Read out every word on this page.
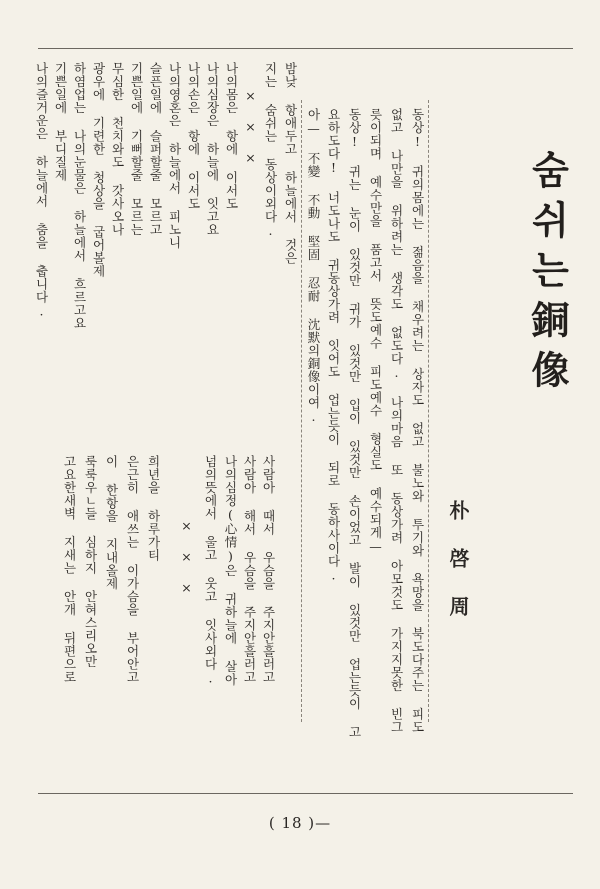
숨쉬는銅像
朴啓周
동상! 귀의몸에는 젊음을 채우려는 상자도 없고 불노와 투기와 욕망을 북도다주는 피도
없고 나만을 위하려는 생각도 없도다. 나의마음 또 동상가려 아모것도 가지지못한 빈그
릇이되며 예수만을 품고서 뜻도예수 피도예수 형실도 예수되게—
동상! 귀는 눈이 있것만 귀가 있것만 입이 있것만 손이었고 발이 있것만 업는듯이 고
요하도다! 너도나도 귀동상가려 잇어도 업는듯이 되로 동하사이다.
아— 不變 不動 堅固 忍耐 沈默의銅像이여.
밤낮 항애두고 하늘에서 것은
지는 숨쉬는 동상이외다.
× × ×
나의몸은 항에 이서도
나의심장은 하늘에 잇고요
나의손은 항에 이서도
나의영혼은 하늘에서 피노니
슬픈일에 슬퍼할줄 모르고
기쁜일에 기뻐할줄 모르는
무심한 천치와도 갓사오나
광우에 기련한 청상을 굽어볼제
하염업는 나의눈물은 하늘에서 흐르고요
기쁜일에 부디질제
나의즐거운은 하늘에서 춤을 춥니다.
사람아 때서 우슴을 주지안흘러고
사람아 해서 우슴을 주지안흘러고
나의심정(心情)은 귀하늘에 살아
넘의뜻에서 울고 웃고 잇사외다.
× × ×
희년을 하루가티
은근히 애쓰는 이가슴을 부어안고
이 한항을 지내올제
룩룩우ㄴ들 심하지 안혀스리오만
고요한새벽 지새는 안개 뒤편으로
( 18 )—
